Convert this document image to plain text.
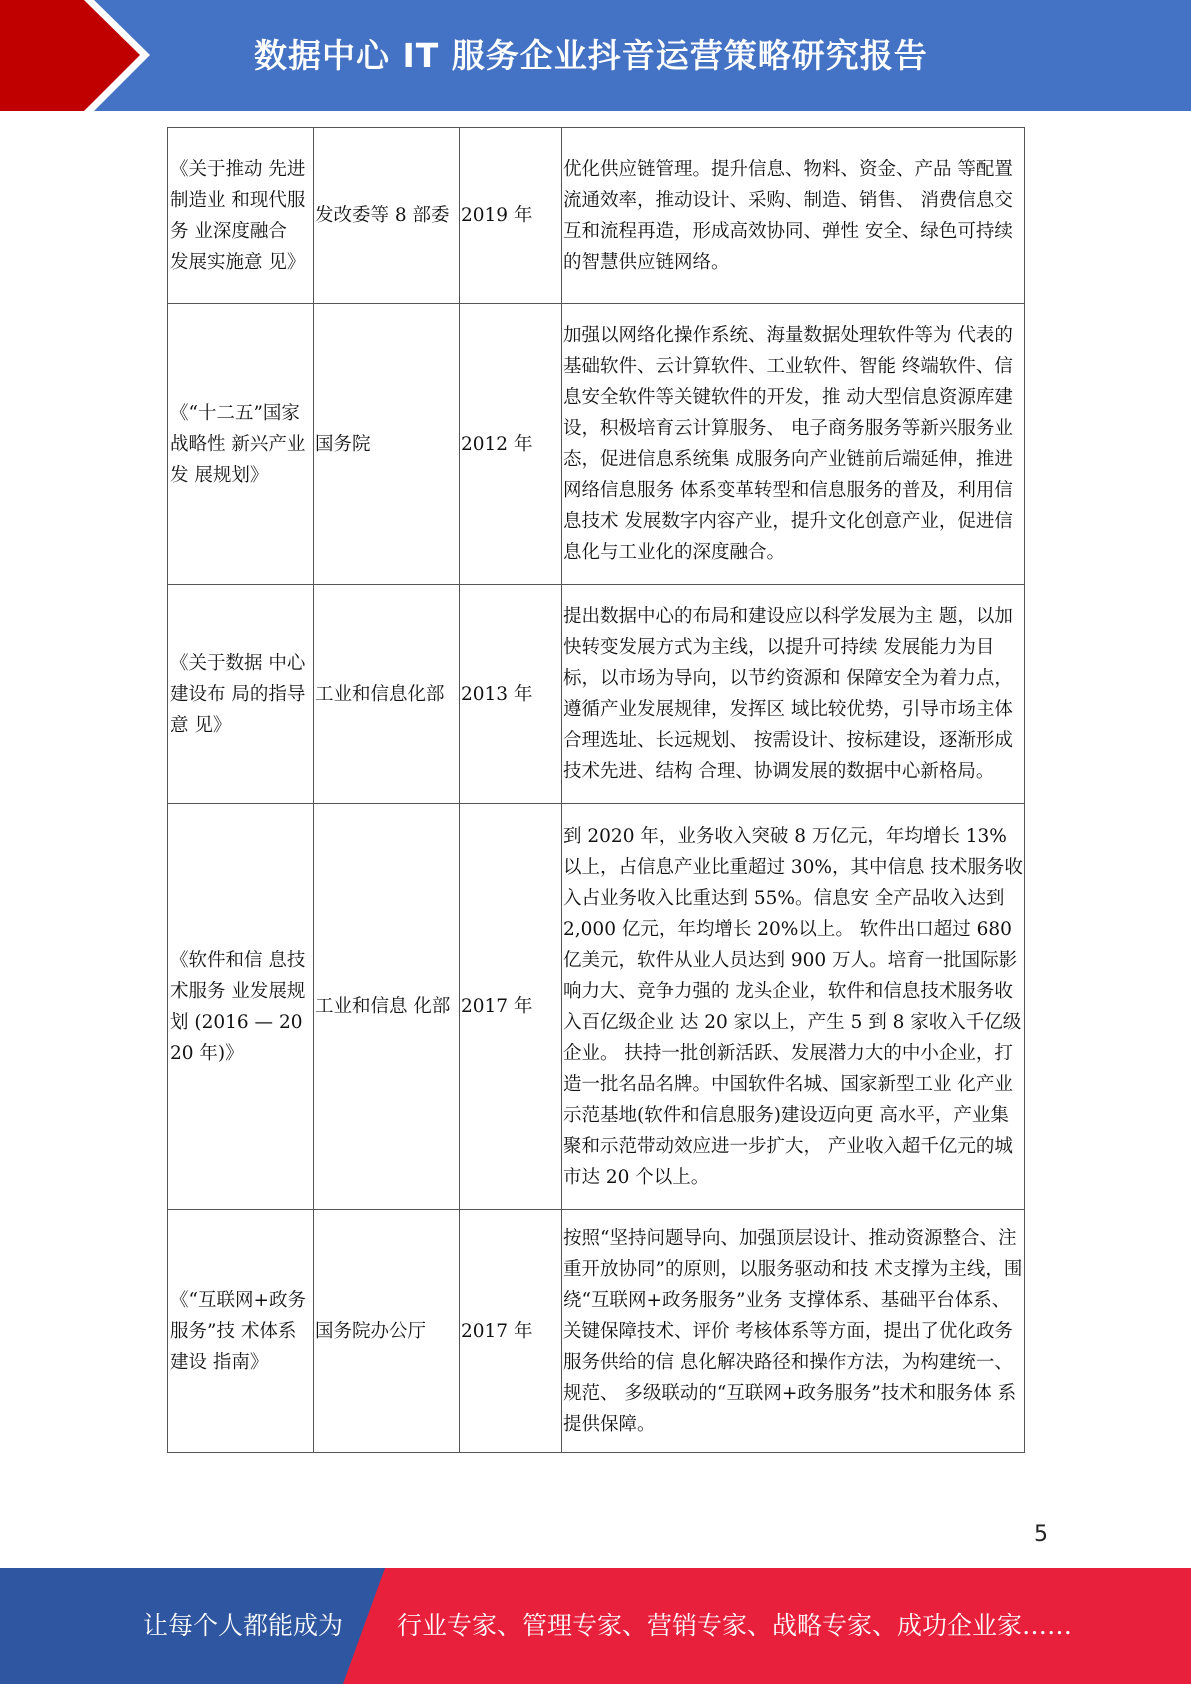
数据中心 IT 服务企业抖音运营策略研究报告
《关于推动 先进制造业 和现代服务 业深度融合 发展实施意 见》	发改委等 8 部委	2019 年	优化供应链管理。提升信息、物料、资金、产品 等配置流通效率，推动设计、采购、制造、销售、 消费信息交互和流程再造，形成高效协同、弹性 安全、绿色可持续的智慧供应链网络。
《“十二五”国家战略性 新兴产业发 展规划》	国务院	2012 年	加强以网络化操作系统、海量数据处理软件等为 代表的基础软件、云计算软件、工业软件、智能 终端软件、信息安全软件等关键软件的开发，推 动大型信息资源库建设，积极培育云计算服务、 电子商务服务等新兴服务业态，促进信息系统集 成服务向产业链前后端延伸，推进网络信息服务 体系变革转型和信息服务的普及，利用信息技术 发展数字内容产业，提升文化创意产业，促进信 息化与工业化的深度融合。
《关于数据 中心建设布 局的指导意 见》	工业和信息化部	2013 年	提出数据中心的布局和建设应以科学发展为主 题，以加快转变发展方式为主线，以提升可持续 发展能力为目标，以市场为导向，以节约资源和 保障安全为着力点，遵循产业发展规律，发挥区 域比较优势，引导市场主体合理选址、长远规划、 按需设计、按标建设，逐渐形成技术先进、结构 合理、协调发展的数据中心新格局。
《软件和信 息技术服务 业发展规划 (2016 — 2020 年)》	工业和信息 化部	2017 年	到 2020 年，业务收入突破 8 万亿元，年均增长 13%以上，占信息产业比重超过 30%，其中信息 技术服务收入占业务收入比重达到 55%。信息安 全产品收入达到 2,000 亿元，年均增长 20%以上。 软件出口超过 680 亿美元，软件从业人员达到 900 万人。培育一批国际影响力大、竞争力强的 龙头企业，软件和信息技术服务收入百亿级企业 达 20 家以上，产生 5 到 8 家收入千亿级企业。 扶持一批创新活跃、发展潜力大的中小企业，打 造一批名品名牌。中国软件名城、国家新型工业 化产业示范基地(软件和信息服务)建设迈向更 高水平，产业集聚和示范带动效应进一步扩大， 产业收入超千亿元的城市达 20 个以上。
《“互联网+政务服务”技 术体系建设 指南》	国务院办公厅	2017 年	按照“坚持问题导向、加强顶层设计、推动资源整合、注重开放协同”的原则，以服务驱动和技 术支撑为主线，围绕“互联网+政务服务”业务 支撑体系、基础平台体系、关键保障技术、评价 考核体系等方面，提出了优化政务服务供给的信 息化解决路径和操作方法，为构建统一、规范、 多级联动的“互联网+政务服务”技术和服务体 系提供保障。
5
让每个人都能成为 行业专家、管理专家、营销专家、战略专家、成功企业家……
